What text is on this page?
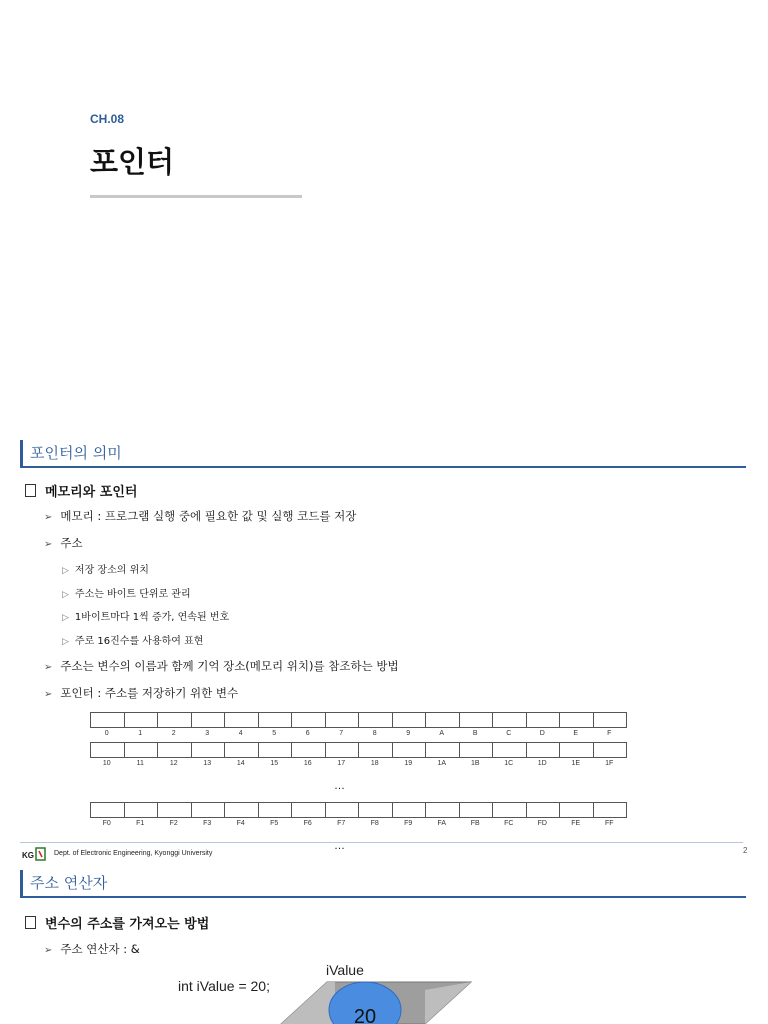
CH.08
포인터
포인터의 의미
메모리와 포인터
➢ 메모리 : 프로그램 실행 중에 필요한 값 및 실행 코드를 저장
➢ 주소
▷ 저장 장소의 위치
▷ 주소는 바이트 단위로 관리
▷ 1바이트마다 1씩 증가, 연속된 번호
▷ 주로 16진수를 사용하여 표현
➢ 주소는 변수의 이름과 함께 기억 장소(메모리 위치)를 참조하는 방법
➢ 포인터 : 주소를 저장하기 위한 변수
0	1	2	3	4	5	6	7	8	9	A	B	C	D	E	F
10	11	12	13	14	15	16	17	18	19	1A	1B	1C	1D	1E	1F
…
F0	F1	F2	F3	F4	F5	F6	F7	F8	F9	FA	FB	FC	FD	FE	FF
KG	Dept. of Electronic Engineering, Kyonggi University	2
…
주소 연산자
변수의 주소를 가져오는 방법
➢ 주소 연산자 : &
iValue
int iValue = 20;
20
